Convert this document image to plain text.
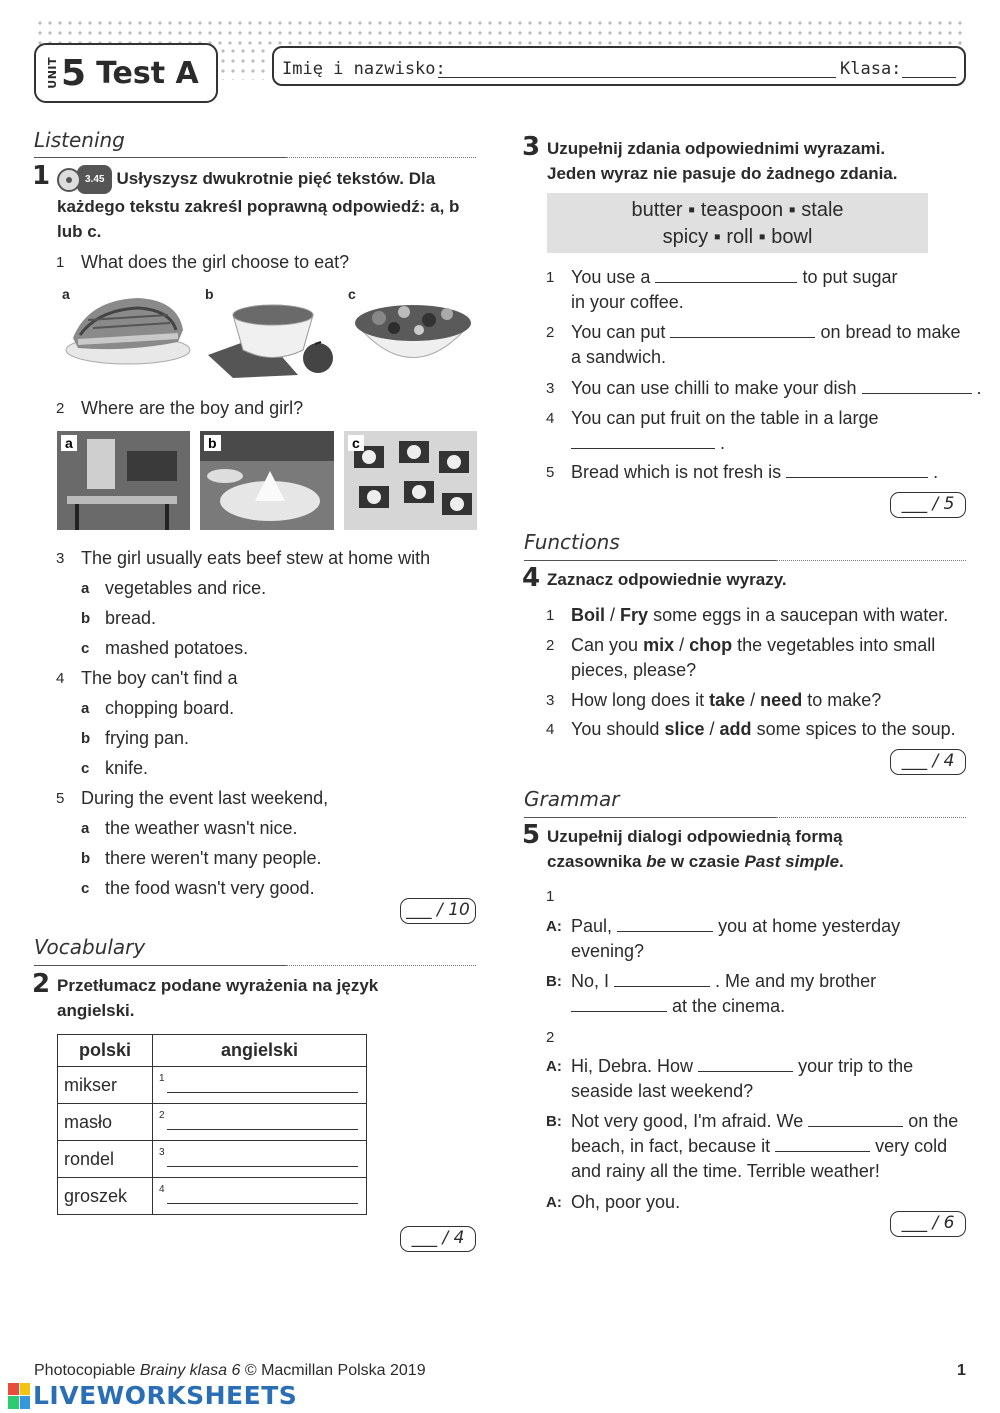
UNIT 5 Test A	Imię i nazwisko:	Klasa:
Listening
1	3.45 Usłyszysz dwukrotnie pięć tekstów. Dla każdego tekstu zakreśl poprawną odpowiedź: a, b lub c.
1 What does the girl choose to eat?
a	b	c
2 Where are the boy and girl?
a	b	c
3 The girl usually eats beef stew at home with
a vegetables and rice.
b bread.
c mashed potatoes.
4 The boy can't find a
a chopping board.
b frying pan.
c knife.
5 During the event last weekend,
a the weather wasn't nice.
b there weren't many people.
c the food wasn't very good.
___ / 10
Vocabulary
2 Przetłumacz podane wyrażenia na język angielski.
polski	angielski
mikser	1

masło	2

rondel	3

groszek	4
___ / 4
3 Uzupełnij zdania odpowiednimi wyrazami. Jeden wyraz nie pasuje do żadnego zdania.
butter ▪ teaspoon ▪ stale
spicy ▪ roll ▪ bowl
1 You use a	to put sugar
in your coffee.
2 You can put	on bread to make
a sandwich.
3 You can use chilli to make your dish	.
4 You can put fruit on the table in a large
.
5 Bread which is not fresh is	.
___ / 5
Functions
4 Zaznacz odpowiednie wyrazy.
1 Boil / Fry some eggs in a saucepan with water.
2 Can you mix / chop the vegetables into small
pieces, please?
3 How long does it take / need to make?
4 You should slice / add some spices to the soup.
___ / 4
Grammar
5 Uzupełnij dialogi odpowiednią formą
czasownika be w czasie Past simple.
1
A: Paul,	you at home yesterday
evening?
B: No, I	. Me and my brother
at the cinema.
2
A: Hi, Debra. How	your trip to the
seaside last weekend?
B: Not very good, I'm afraid. We	on the
beach, in fact, because it	very cold
and rainy all the time. Terrible weather!
A: Oh, poor you.
___ / 6
Photocopiable Brainy klasa 6 © Macmillan Polska 2019	1
LIVEWORKSHEETS
